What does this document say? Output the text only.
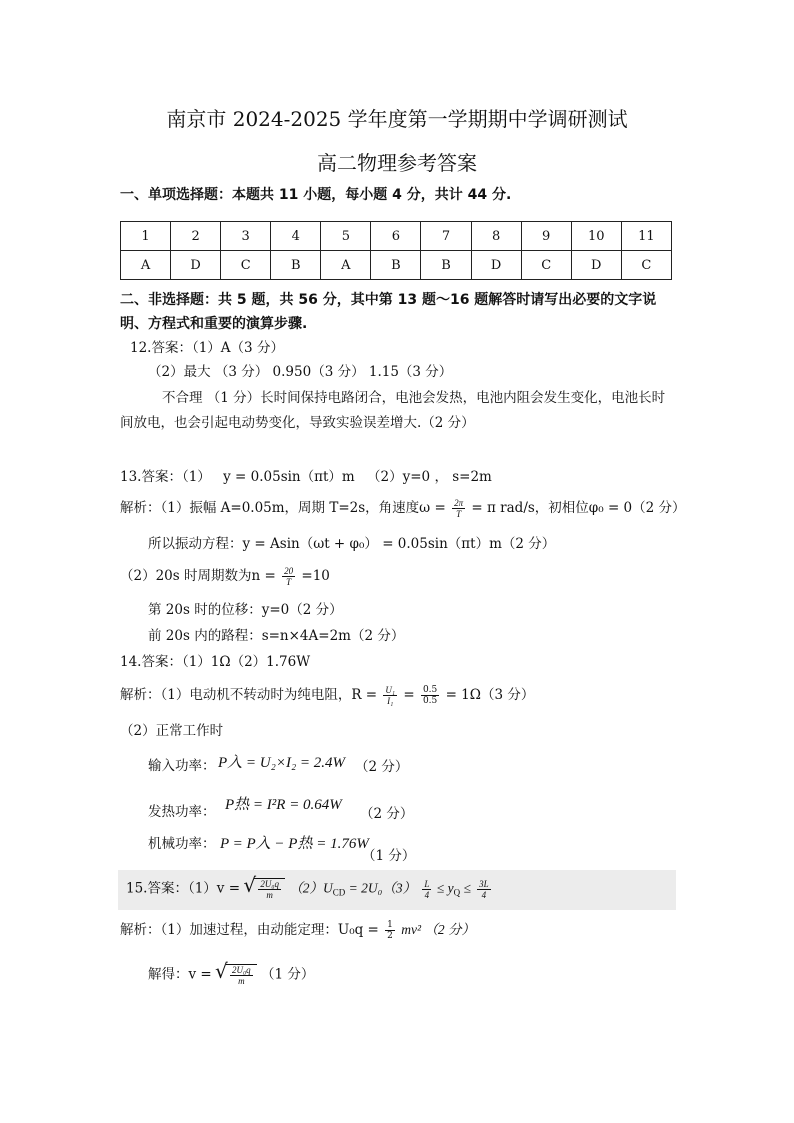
南京市 2024-2025 学年度第一学期期中学调研测试
高二物理参考答案
一、单项选择题：本题共 11 小题，每小题 4 分，共计 44 分.
1	2	3	4	5	6	7	8	9	10	11
A	D	C	B	A	B	B	D	C	D	C
二、非选择题：共 5 题，共 56 分，其中第 13 题～16 题解答时请写出必要的文字说
明、方程式和重要的演算步骤.
12.答案：（1）A（3 分）
（2）最大 （3 分） 0.950（3 分） 1.15（3 分）
不合理 （1 分）长时间保持电路闭合，电池会发热，电池内阻会发生变化，电池长时
间放电，也会引起电动势变化，导致实验误差增大.（2 分）
13.答案：（1） y = 0.05sin（πt）m （2）y=0 ， s=2m
解析：（1）振幅 A=0.05m，周期 T=2s，角速度$\omega = \frac{2\pi}{T} = \pi$ rad/s，初相位φ₀ = 0（2 分）
所以振动方程：y = Asin（ωt + φ₀） = 0.05sin（πt）m（2 分）
（2）20s 时周期数为$n = \frac{20}{T} =10$
第 20s 时的位移：y=0（2 分）
前 20s 内的路程：s=n×4A=2m（2 分）
14.答案：（1）1Ω（2）1.76W
解析：（1）电动机不转动时为纯电阻，$R = \frac{\text{U₁}}{\text{I₁}} = \frac{0.5}{0.5} = 1\Omega(3$ 分）
（2）正常工作时
输入功率： P入 = U₂×I₂ = 2.4W （2 分）
发热功率： P热 = I²R = 0.64W
（2 分）
机械功率： P = P入 − P热 = 1.76W
（1 分）
15.答案：（1）v = √ $\frac{\text{2U₀q}}{m} (2)U_{CD} = 2U_0(3) \frac{L}{4} \le y_Q \le \frac{3L}{4}$
解析：（1）加速过程，由动能定理：$U_0q = \frac{1}{2} mv^2$ （2 分）
解得：v = √ $\frac{\text{2U₀q}}{m} (1$ 分）
